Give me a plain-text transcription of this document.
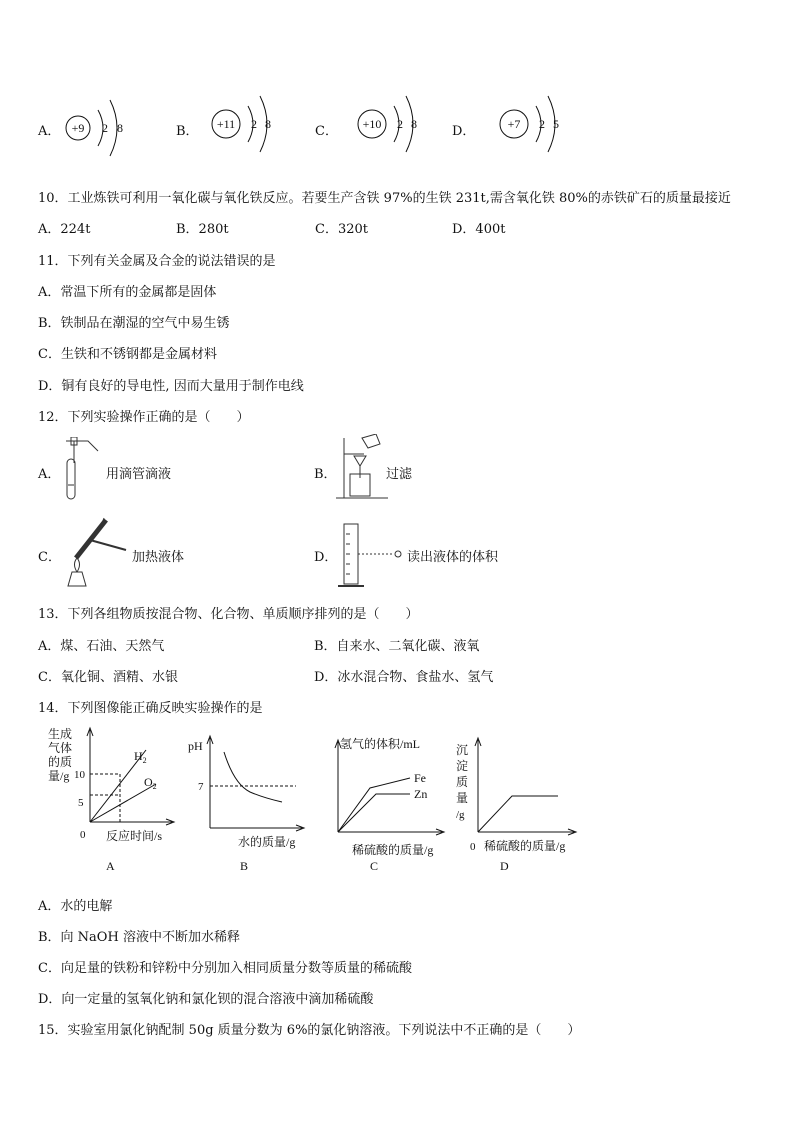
A． +9 2 8	B． +11 2 8	C． +10 2 8	D．	+7 2 5
10．工业炼铁可利用一氧化碳与氧化铁反应。若要生产含铁 97%的生铁 231t,需含氧化铁 80%的赤铁矿石的质量最接近
A．224t	B．280t	C．320t	D．400t
11．下列有关金属及合金的说法错误的是
A．常温下所有的金属都是固体
B．铁制品在潮湿的空气中易生锈
C．生铁和不锈钢都是金属材料
D．铜有良好的导电性, 因而大量用于制作电线
12．下列实验操作正确的是（　　）
A．	用滴管滴液	B．	过滤
C．	加热液体	D．	读出液体的体积
13．下列各组物质按混合物、化合物、单质顺序排列的是（　　）
A．煤、石油、天然气	B．自来水、二氧化碳、液氧
C．氧化铜、酒精、水银	D．冰水混合物、食盐水、氢气
14．下列图像能正确反映实验操作的是
生成
气体
的质
量/g 10
5
0
$H_2$
$O_2$
反应时间/s
A
pH
7
水的质量/g
B
氢气的体积/mL
Fe
Zn
稀硫酸的质量/g
C
沉
淀
质
量
/g
0 稀硫酸的质量/g
D
A．水的电解
B．向 NaOH 溶液中不断加水稀释
C．向足量的铁粉和锌粉中分别加入相同质量分数等质量的稀硫酸
D．向一定量的氢氧化钠和氯化钡的混合溶液中滴加稀硫酸
15．实验室用氯化钠配制 50g 质量分数为 6%的氯化钠溶液。下列说法中不正确的是（　　）
